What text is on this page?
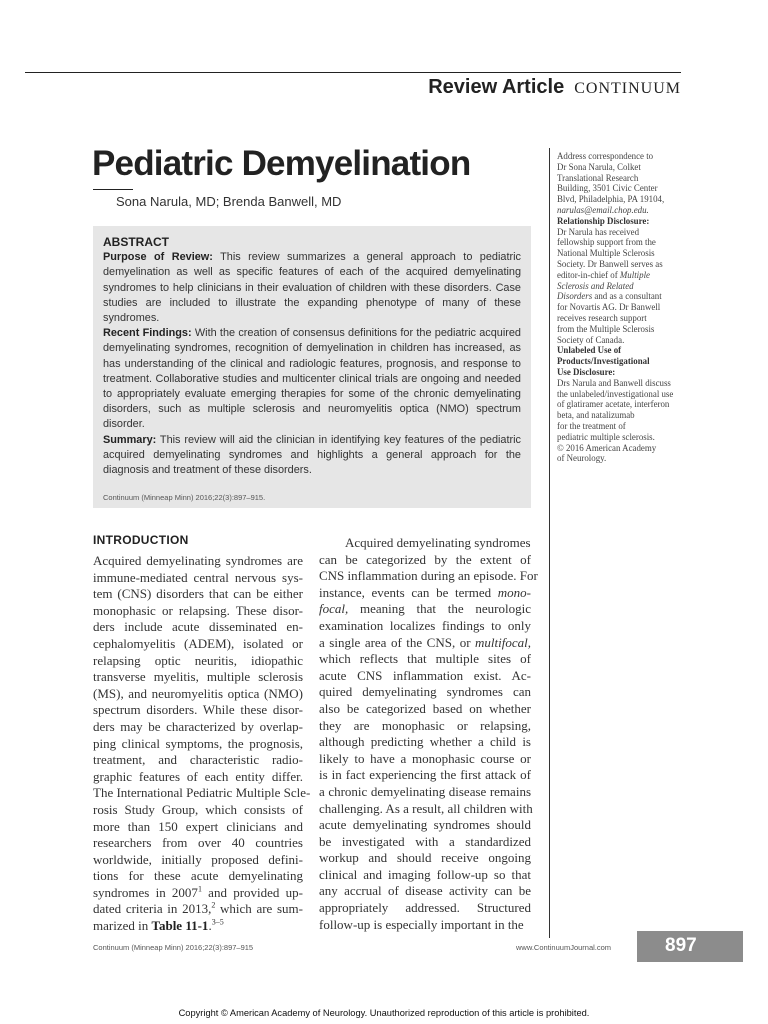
Review Article CONTINUUM
Pediatric Demyelination
Sona Narula, MD; Brenda Banwell, MD
ABSTRACT

Purpose of Review: This review summarizes a general approach to pediatric demyelination as well as specific features of each of the acquired demyelinating syndromes to help clinicians in their evaluation of children with these disorders. Case studies are included to illustrate the expanding phenotype of many of these syndromes.

Recent Findings: With the creation of consensus definitions for the pediatric acquired demyelinating syndromes, recognition of demyelination in children has increased, as has understanding of the clinical and radiologic features, prognosis, and response to treatment. Collaborative studies and multicenter clinical trials are ongoing and needed to appropriately evaluate emerging therapies for some of the chronic demyelinating disorders, such as multiple sclerosis and neuromyelitis optica (NMO) spectrum disorder.

Summary: This review will aid the clinician in identifying key features of the pediatric acquired demyelinating syndromes and highlights a general approach for the diagnosis and treatment of these disorders.

Continuum (Minneap Minn) 2016;22(3):897–915.

Address correspondence to

Dr Sona Narula, Colket

Translational Research

Building, 3501 Civic Center

Blvd, Philadelphia, PA 19104,

narulas@email.chop.edu.

Relationship Disclosure:

Dr Narula has received

fellowship support from the

National Multiple Sclerosis

Society. Dr Banwell serves as

editor-in-chief of Multiple

Sclerosis and Related

Disorders and as a consultant

for Novartis AG. Dr Banwell

receives research support

from the Multiple Sclerosis

Society of Canada.

Unlabeled Use of

Products/Investigational

Use Disclosure:

Drs Narula and Banwell discuss

the unlabeled/investigational use

of glatiramer acetate, interferon

beta, and natalizumab

for the treatment of

pediatric multiple sclerosis.

© 2016 American Academy

of Neurology.

INTRODUCTION
Acquired demyelinating syndromes are
immune-mediated central nervous sys-
tem (CNS) disorders that can be either
monophasic or relapsing. These disor-
ders include acute disseminated en-
cephalomyelitis (ADEM), isolated or
relapsing optic neuritis, idiopathic
transverse myelitis, multiple sclerosis
(MS), and neuromyelitis optica (NMO)
spectrum disorders. While these disor-
ders may be characterized by overlap-
ping clinical symptoms, the prognosis,
treatment, and characteristic radio-
graphic features of each entity differ.
The International Pediatric Multiple Scle-
rosis Study Group, which consists of
more than 150 expert clinicians and
researchers from over 40 countries
worldwide, initially proposed defini-
tions for these acute demyelinating
syndromes in 2007$^1$ and provided up-
dated criteria in 2013,$^2$ which are sum-
marized in Table 11-1.$^{3-5}$
Acquired demyelinating syndromes
can be categorized by the extent of
CNS inflammation during an episode. For
instance, events can be termed mono-
focal, meaning that the neurologic
examination localizes findings to only
a single area of the CNS, or multifocal,
which reflects that multiple sites of
acute CNS inflammation exist. Ac-
quired demyelinating syndromes can
also be categorized based on whether
they are monophasic or relapsing,
although predicting whether a child is
likely to have a monophasic course or
is in fact experiencing the first attack of
a chronic demyelinating disease remains
challenging. As a result, all children with
acute demyelinating syndromes should
be investigated with a standardized
workup and should receive ongoing
clinical and imaging follow-up so that
any accrual of disease activity can be
appropriately addressed. Structured
follow-up is especially important in the
Continuum (Minneap Minn) 2016;22(3):897–915	www.ContinuumJournal.com	897
Copyright © American Academy of Neurology. Unauthorized reproduction of this article is prohibited.
